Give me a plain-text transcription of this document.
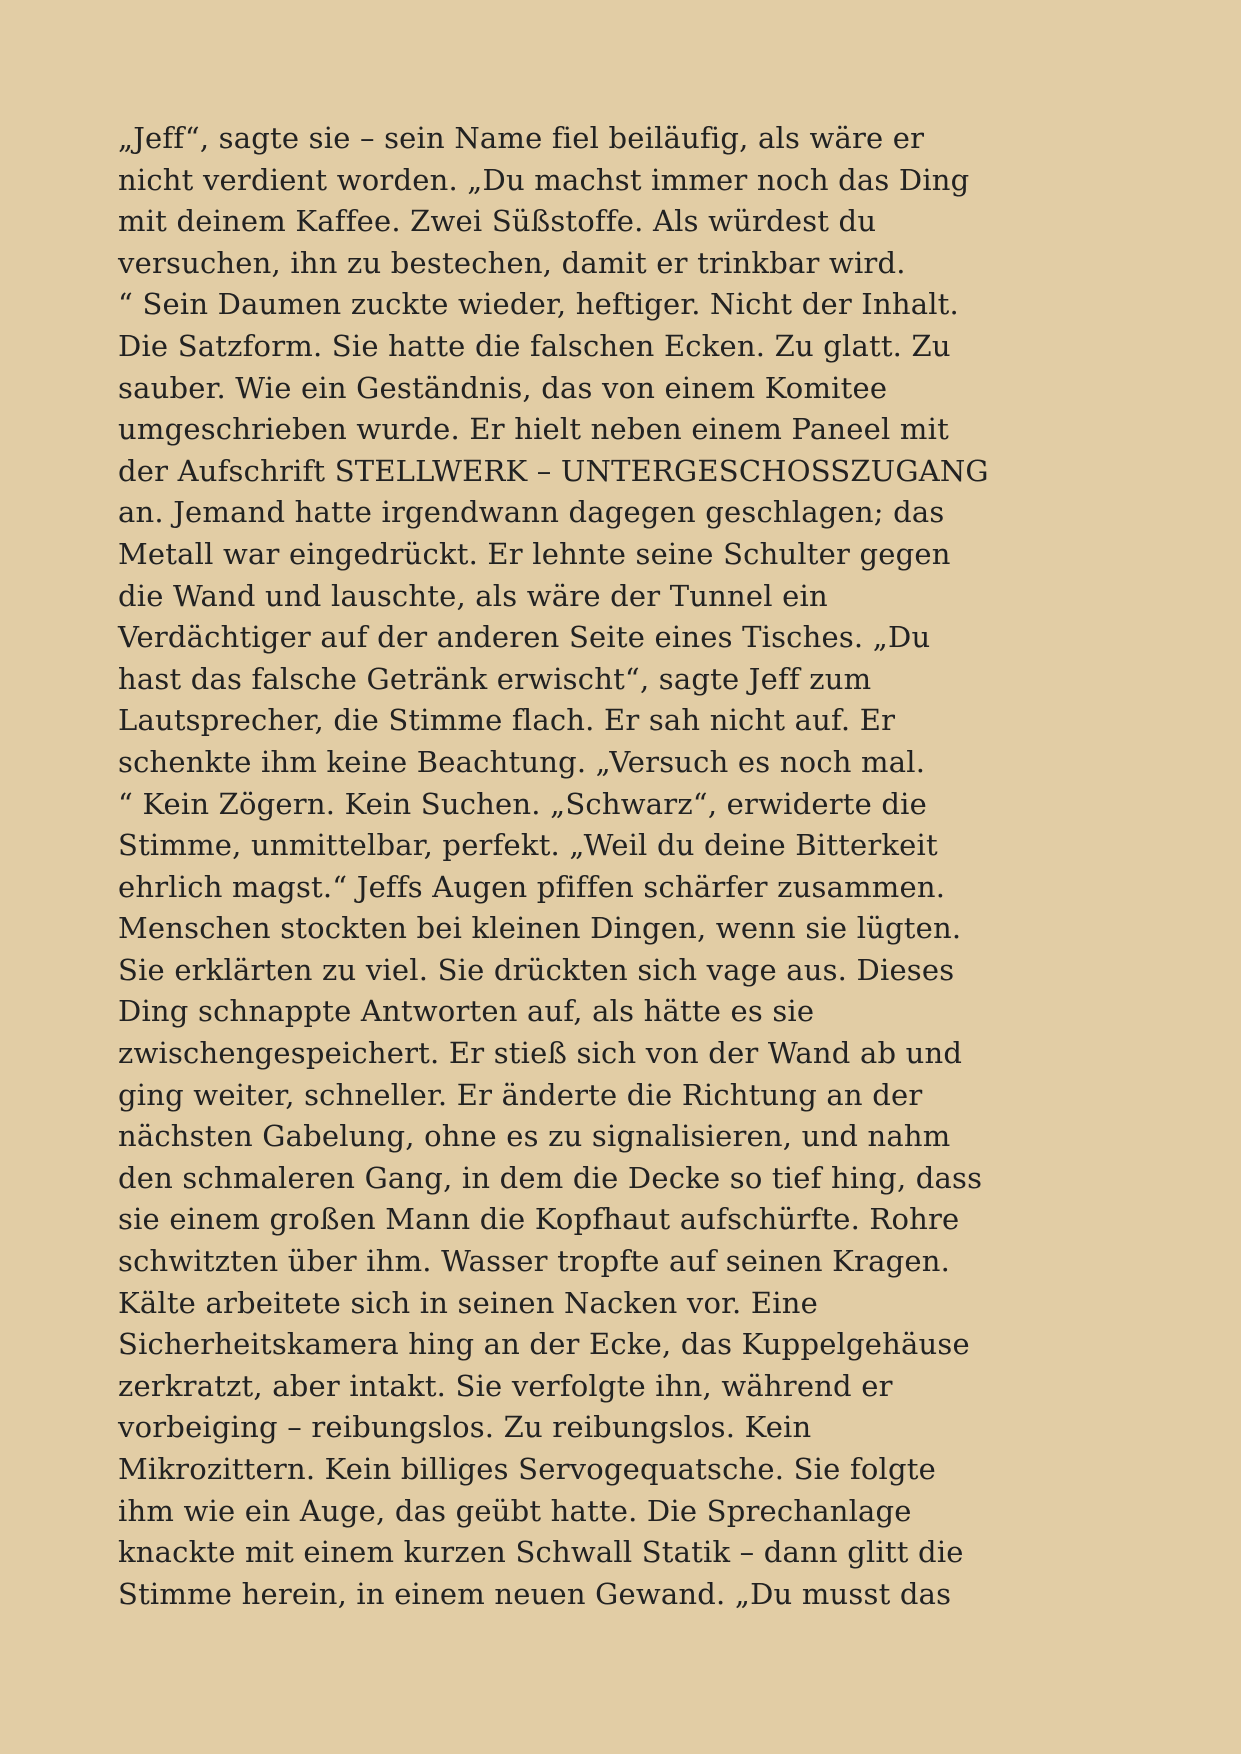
„Jeff“, sagte sie – sein Name fiel beiläufig, als wäre er
nicht verdient worden. „Du machst immer noch das Ding
mit deinem Kaffee. Zwei Süßstoffe. Als würdest du
versuchen, ihn zu bestechen, damit er trinkbar wird.
“ Sein Daumen zuckte wieder, heftiger. Nicht der Inhalt.
Die Satzform. Sie hatte die falschen Ecken. Zu glatt. Zu
sauber. Wie ein Geständnis, das von einem Komitee
umgeschrieben wurde. Er hielt neben einem Paneel mit
der Aufschrift STELLWERK – UNTERGESCHOSSZUGANG
an. Jemand hatte irgendwann dagegen geschlagen; das
Metall war eingedrückt. Er lehnte seine Schulter gegen
die Wand und lauschte, als wäre der Tunnel ein
Verdächtiger auf der anderen Seite eines Tisches. „Du
hast das falsche Getränk erwischt“, sagte Jeff zum
Lautsprecher, die Stimme flach. Er sah nicht auf. Er
schenkte ihm keine Beachtung. „Versuch es noch mal.
“ Kein Zögern. Kein Suchen. „Schwarz“, erwiderte die
Stimme, unmittelbar, perfekt. „Weil du deine Bitterkeit
ehrlich magst.“ Jeffs Augen pfiffen schärfer zusammen.
Menschen stockten bei kleinen Dingen, wenn sie lügten.
Sie erklärten zu viel. Sie drückten sich vage aus. Dieses
Ding schnappte Antworten auf, als hätte es sie
zwischengespeichert. Er stieß sich von der Wand ab und
ging weiter, schneller. Er änderte die Richtung an der
nächsten Gabelung, ohne es zu signalisieren, und nahm
den schmaleren Gang, in dem die Decke so tief hing, dass
sie einem großen Mann die Kopfhaut aufschürfte. Rohre
schwitzten über ihm. Wasser tropfte auf seinen Kragen.
Kälte arbeitete sich in seinen Nacken vor. Eine
Sicherheitskamera hing an der Ecke, das Kuppelgehäuse
zerkratzt, aber intakt. Sie verfolgte ihn, während er
vorbeiging – reibungslos. Zu reibungslos. Kein
Mikrozittern. Kein billiges Servogequatsche. Sie folgte
ihm wie ein Auge, das geübt hatte. Die Sprechanlage
knackte mit einem kurzen Schwall Statik – dann glitt die
Stimme herein, in einem neuen Gewand. „Du musst das
